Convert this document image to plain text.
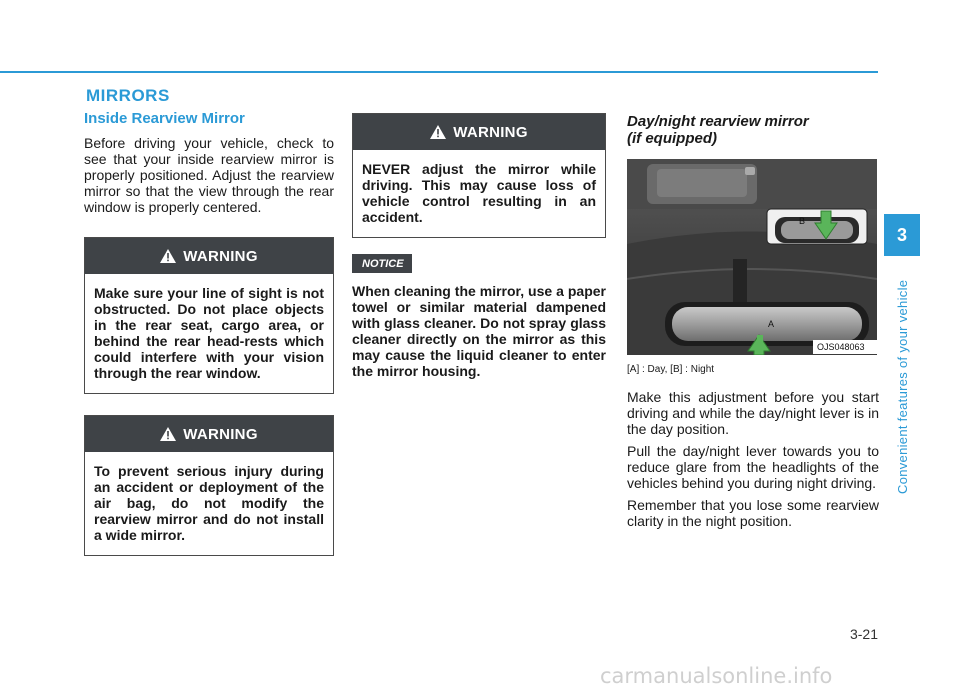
MIRRORS
Inside Rearview Mirror

Before driving your vehicle, check to see that your inside rearview mirror is properly positioned. Adjust the rearview mirror so that the view through the rear window is properly centered.

WARNING
Make sure your line of sight is not obstructed. Do not place objects in the rear seat, cargo area, or behind the rear head-rests which could interfere with your vision through the rear window.
WARNING
To prevent serious injury during an accident or deployment of the air bag, do not modify the rearview mirror and do not install a wide mirror.
WARNING
NEVER adjust the mirror while driving. This may cause loss of vehicle control resulting in an accident.
NOTICE

When cleaning the mirror, use a paper towel or similar material dampened with glass cleaner. Do not spray glass cleaner directly on the mirror as this may cause the liquid cleaner to enter the mirror housing.

Day/night rearview mirror
(if equipped)
B
A
OJS048063
[A] : Day, [B] : Night

Make this adjustment before you start driving and while the day/night lever is in the day position.

Pull the day/night lever towards you to reduce glare from the headlights of the vehicles behind you during night driving.

Remember that you lose some rearview clarity in the night position.

3
Convenient features of your vehicle
3-21
carmanualsonline.info
